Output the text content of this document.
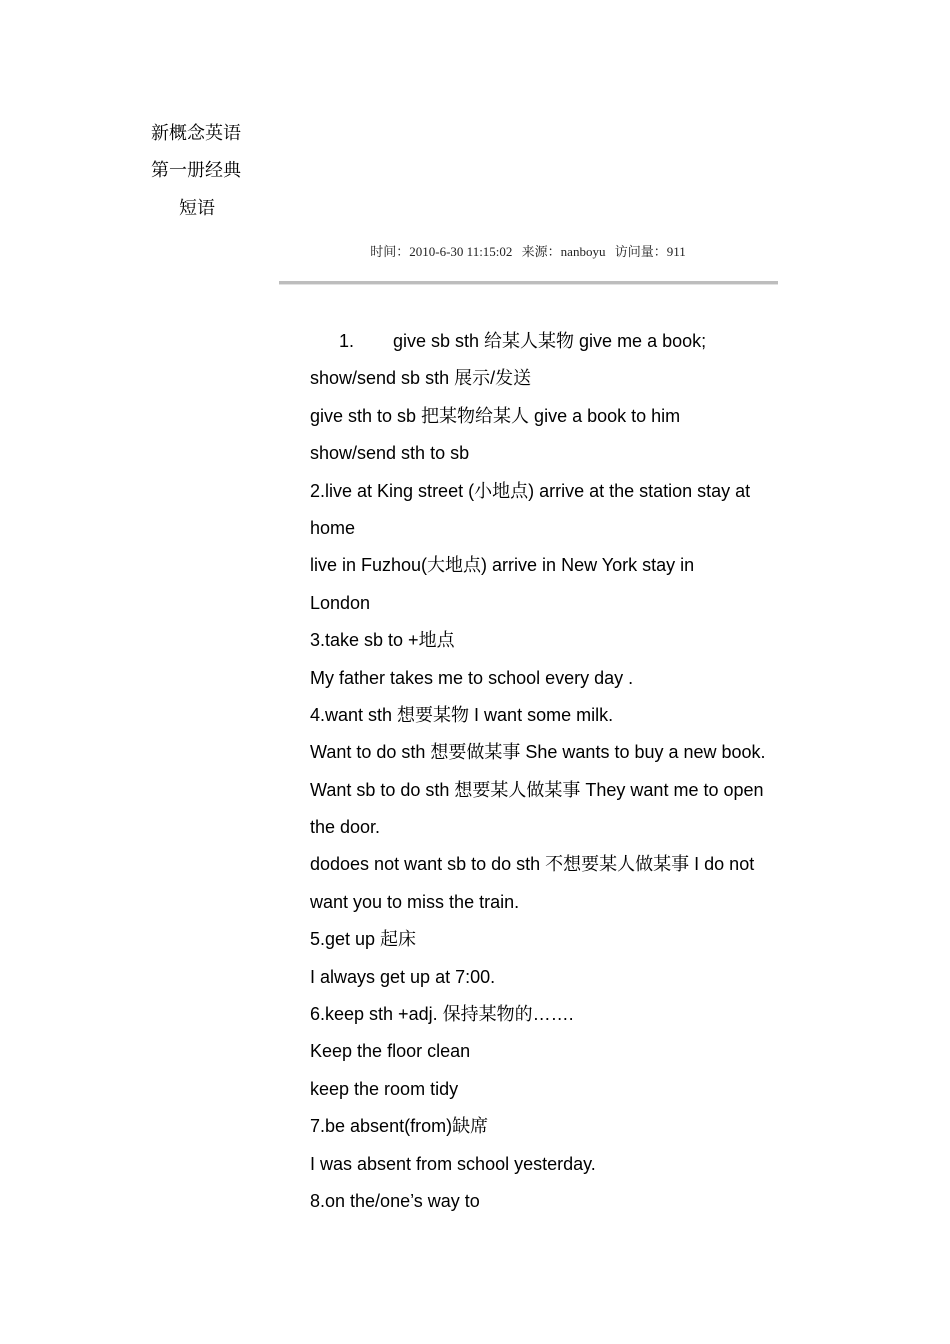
新概念英语
第一册经典
短语
时间：2010-6-30 11:15:02 来源：nanboyu 访问量：911
1. give sb sth 给某人某物 give me a book;
show/send sb sth 展示/发送
give sth to sb 把某物给某人 give a book to him
show/send sth to sb
2.live at King street (小地点) arrive at the station stay at
home
live in Fuzhou(大地点) arrive in New York stay in
London
3.take sb to +地点
My father takes me to school every day .
4.want sth 想要某物 I want some milk.
Want to do sth 想要做某事 She wants to buy a new book.
Want sb to do sth 想要某人做某事 They want me to open
the door.
dodoes not want sb to do sth 不想要某人做某事 I do not
want you to miss the train.
5.get up 起床
I always get up at 7:00.
6.keep sth +adj. 保持某物的…….
Keep the floor clean
keep the room tidy
7.be absent(from)缺席
I was absent from school yesterday.
8.on the/one’s way to
